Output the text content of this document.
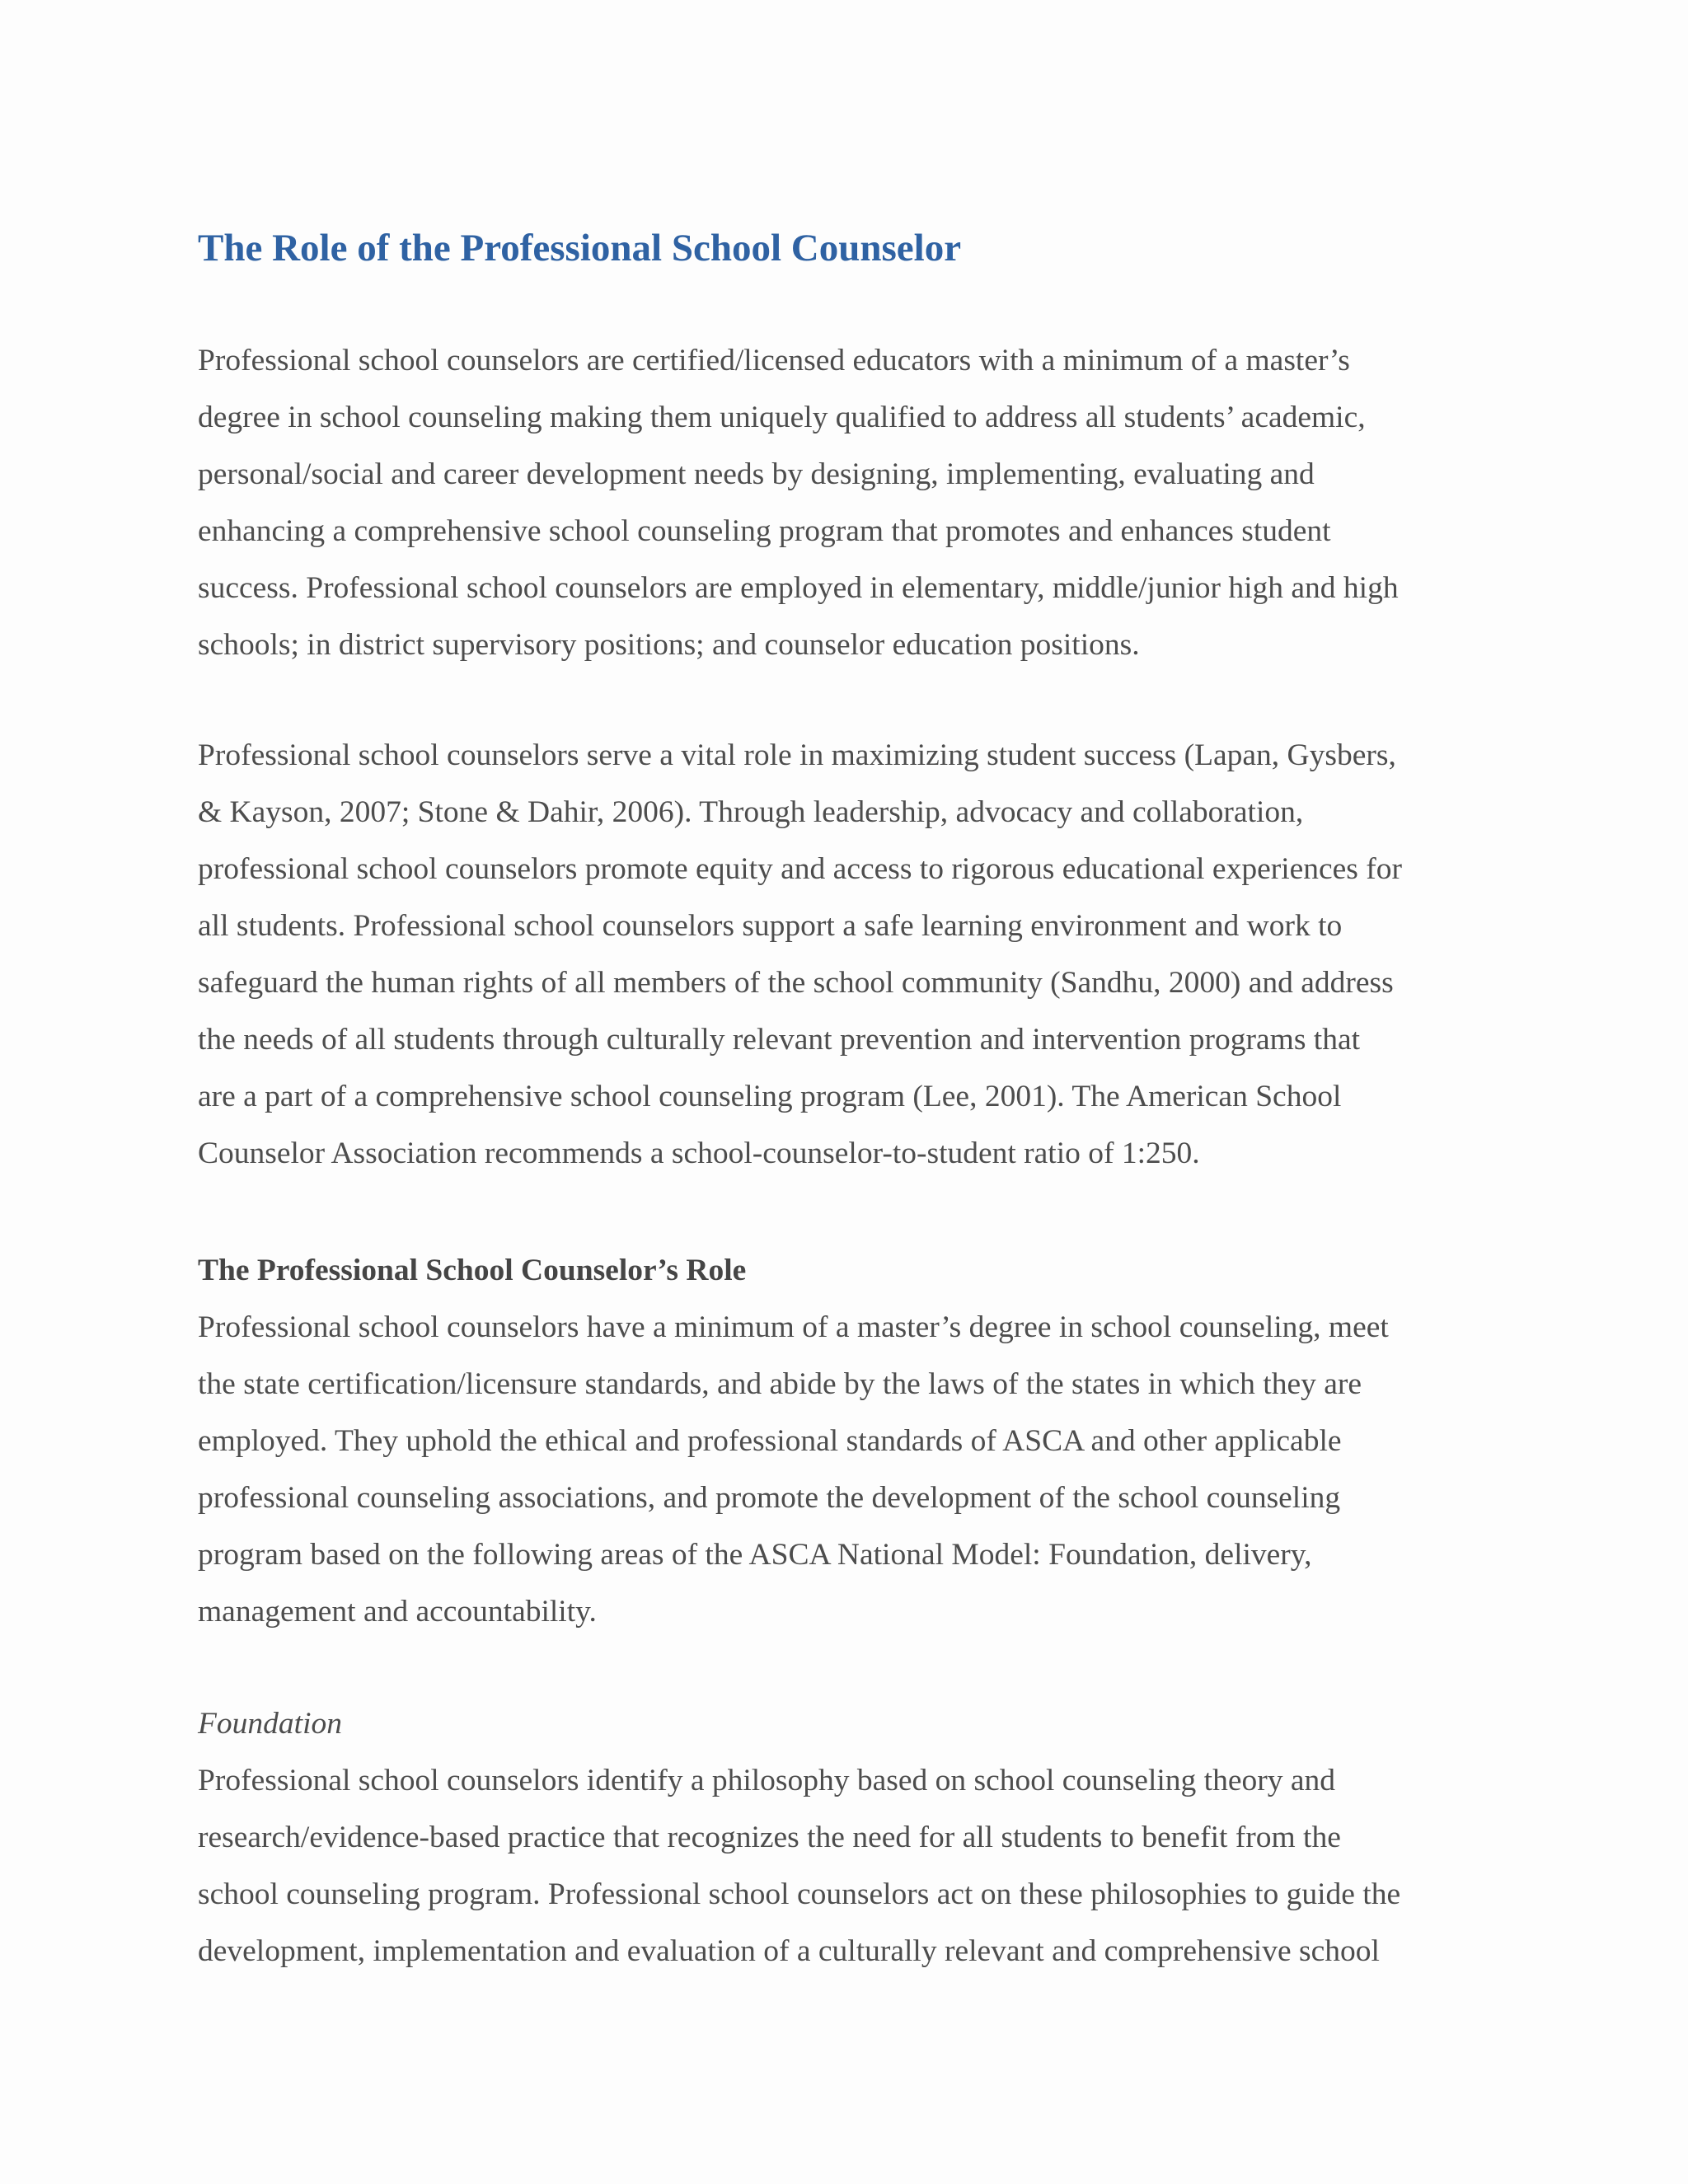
The Role of the Professional School Counselor

Professional school counselors are certified/licensed educators with a minimum of a master’s
degree in school counseling making them uniquely qualified to address all students’ academic,
personal/social and career development needs by designing, implementing, evaluating and
enhancing a comprehensive school counseling program that promotes and enhances student
success. Professional school counselors are employed in elementary, middle/junior high and high
schools; in district supervisory positions; and counselor education positions.

Professional school counselors serve a vital role in maximizing student success (Lapan, Gysbers,
& Kayson, 2007; Stone & Dahir, 2006). Through leadership, advocacy and collaboration,
professional school counselors promote equity and access to rigorous educational experiences for
all students. Professional school counselors support a safe learning environment and work to
safeguard the human rights of all members of the school community (Sandhu, 2000) and address
the needs of all students through culturally relevant prevention and intervention programs that
are a part of a comprehensive school counseling program (Lee, 2001). The American School
Counselor Association recommends a school-counselor-to-student ratio of 1:250.

The Professional School Counselor’s Role
Professional school counselors have a minimum of a master’s degree in school counseling, meet
the state certification/licensure standards, and abide by the laws of the states in which they are
employed. They uphold the ethical and professional standards of ASCA and other applicable
professional counseling associations, and promote the development of the school counseling
program based on the following areas of the ASCA National Model: Foundation, delivery,
management and accountability.

Foundation
Professional school counselors identify a philosophy based on school counseling theory and
research/evidence-based practice that recognizes the need for all students to benefit from the
school counseling program. Professional school counselors act on these philosophies to guide the
development, implementation and evaluation of a culturally relevant and comprehensive school
